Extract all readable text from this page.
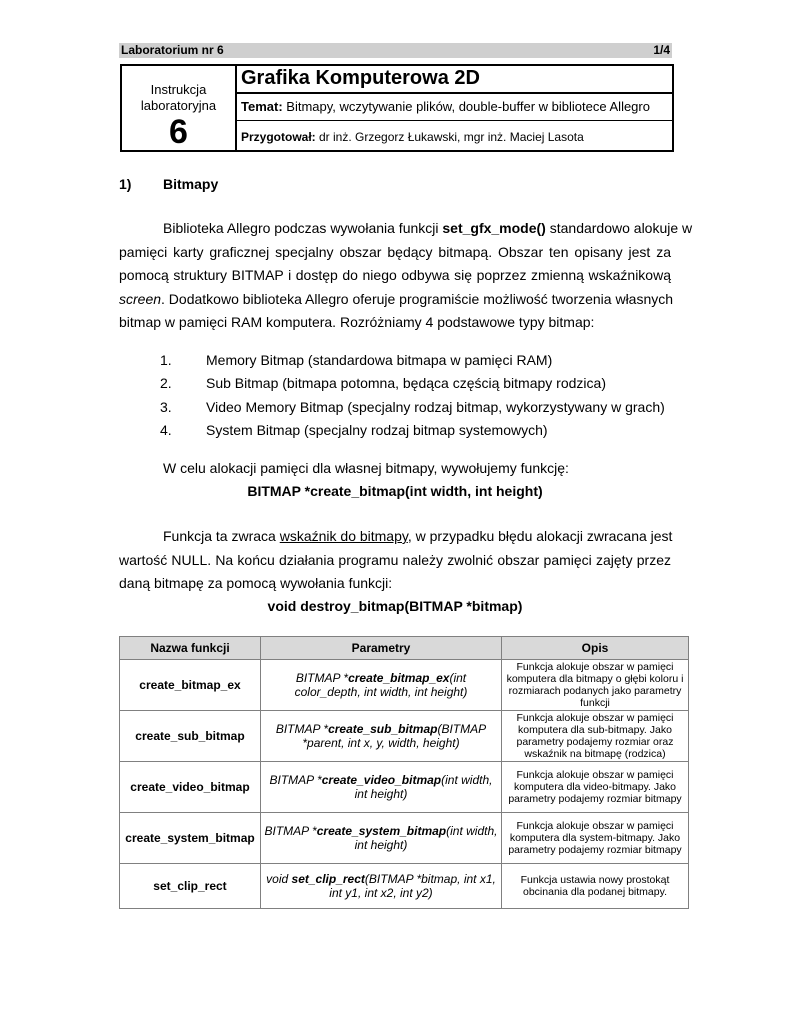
Laboratorium nr 6	1/4
Instrukcja
laboratoryjna
6
Grafika Komputerowa 2D
Temat: Bitmapy, wczytywanie plików, double-buffer w bibliotece Allegro
Przygotował: dr inż. Grzegorz Łukawski, mgr inż. Maciej Lasota
1) Bitmapy
Biblioteka Allegro podczas wywołania funkcji set_gfx_mode() standardowo alokuje w
pamięci karty graficznej specjalny obszar będący bitmapą. Obszar ten opisany jest za
pomocą struktury BITMAP i dostęp do niego odbywa się poprzez zmienną wskaźnikową
screen. Dodatkowo biblioteka Allegro oferuje programiście możliwość tworzenia własnych
bitmap w pamięci RAM komputera. Rozróżniamy 4 podstawowe typy bitmap:
1. Memory Bitmap (standardowa bitmapa w pamięci RAM)
2. Sub Bitmap (bitmapa potomna, będąca częścią bitmapy rodzica)
3. Video Memory Bitmap (specjalny rodzaj bitmap, wykorzystywany w grach)
4. System Bitmap (specjalny rodzaj bitmap systemowych)
W celu alokacji pamięci dla własnej bitmapy, wywołujemy funkcję:
BITMAP *create_bitmap(int width, int height)
Funkcja ta zwraca wskaźnik do bitmapy, w przypadku błędu alokacji zwracana jest
wartość NULL. Na końcu działania programu należy zwolnić obszar pamięci zajęty przez
daną bitmapę za pomocą wywołania funkcji:
void destroy_bitmap(BITMAP *bitmap)
Nazwa funkcji	Parametry	Opis
create_bitmap_ex	BITMAP *create_bitmap_ex(int color_depth, int width, int height)	Funkcja alokuje obszar w pamięci komputera dla bitmapy o głębi koloru i rozmiarach podanych jako parametry funkcji
create_sub_bitmap	BITMAP *create_sub_bitmap(BITMAP *parent, int x, y, width, height)	Funkcja alokuje obszar w pamięci komputera dla sub-bitmapy. Jako parametry podajemy rozmiar oraz wskaźnik na bitmapę (rodzica)
create_video_bitmap	BITMAP *create_video_bitmap(int width, int height)	Funkcja alokuje obszar w pamięci komputera dla video-bitmapy. Jako parametry podajemy rozmiar bitmapy
create_system_bitmap	BITMAP *create_system_bitmap(int width, int height)	Funkcja alokuje obszar w pamięci komputera dla system-bitmapy. Jako parametry podajemy rozmiar bitmapy
set_clip_rect	void set_clip_rect(BITMAP *bitmap, int x1, int y1, int x2, int y2)	Funkcja ustawia nowy prostokąt obcinania dla podanej bitmapy.
